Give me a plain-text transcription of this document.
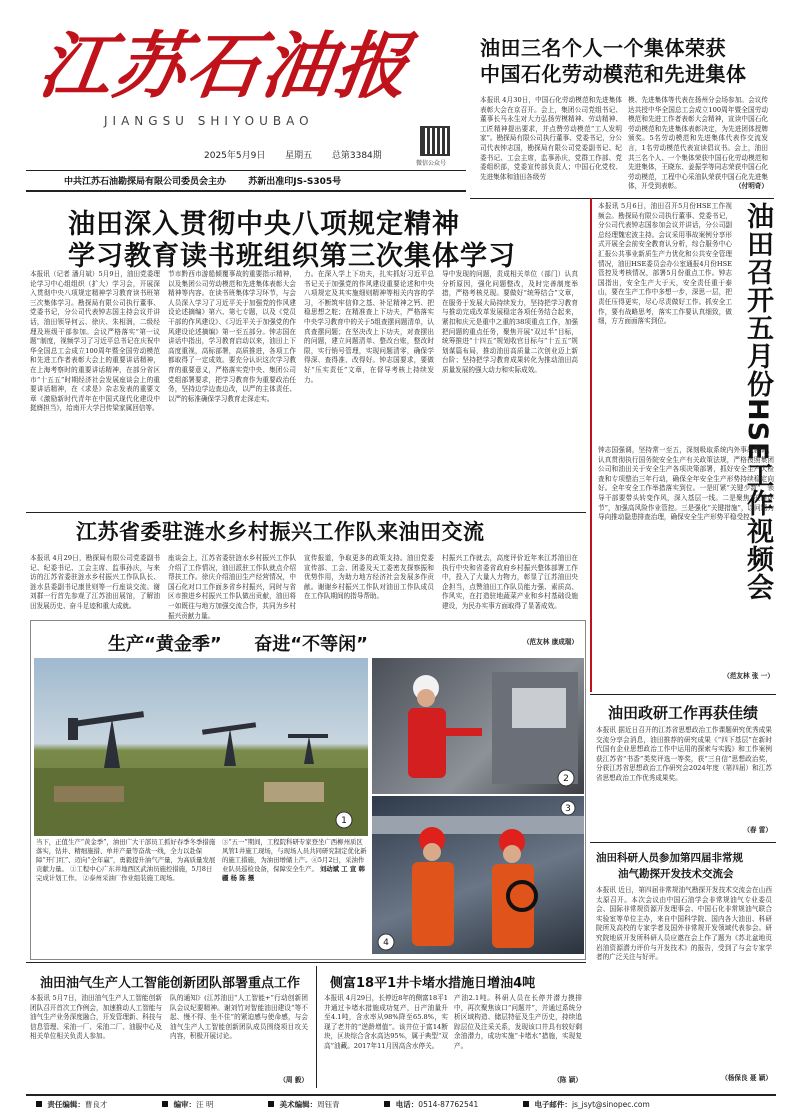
江苏石油报
JIANGSU SHIYOUBAO
2025年5月9日 星期五 总第3384期
微信公众号
中共江苏石油勘探局有限公司委员会主办 苏新出准印JS-S305号
油田三名个人一个集体荣获
中国石化劳动模范和先进集体
本报讯 4月30日，中国石化劳动模范和先进集体表彰大会在京召开。会上，集团公司党组书记、董事长马永生对大力弘扬劳模精神、劳动精神、工匠精神提出要求，并点赞劳动模范“工人发明家”。勘探局有限公司执行董事、党委书记，分公司代表钟志国，勘探局有限公司党委副书记、纪委书记、工会主席，监事孙庆，党群工作部、党委组织部，党委宣传部负责人；中国石化党校、先进集体和油田各级劳
模、先进集体等代表在扬州分会场参加。会议传达共授中华全国总工会成立100周年暨全国劳动模范和先进工作者表彰大会精神，宣读中国石化劳动模范和先进集体表彰决定，为先进团体授牌颁奖。5名劳动模范和先进集体代表作交流发言，1名劳动模范代表宣读倡议书。会上，油田共三名个人、一个集体荣获中国石化劳动模范和先进集体，王晓东、姜振学等同志荣获中国石化劳动模范，工程中心采油队荣获中国石化先进集体，开受到表彰。	（付明奇）
油田深入贯彻中央八项规定精神
学习教育读书班组织第三次集体学习
本报讯（记者 潘月斌）5月9日，油田党委理论学习中心组组织（扩大）学习会，开展深入贯彻中央八项规定精神学习教育读书班第三次集体学习。勘探局有限公司执行董事、党委书记，分公司代表钟志国主持会议并讲话，油田领导何云、徐庆、朱相润，二级经理及班级干部参加。会议严格落实“第一议题”制度，视频学习了习近平总书记在庆祝中华全国总工会成立100周年暨全国劳动模范和先进工作者表彰大会上的重要讲话精神，在上海考察时的重要讲话精神，在部分省区市“十五五”时期经济社会发展座谈会上的重要讲话精神，在《求是》杂志发表的重要文章《激励新时代青年在中国式现代化建设中挺膺担当》，给南开大学吕传梁家属回信等。
节市黔西市游船倾覆事故的重要指示精神，以及集团公司劳动模范和先进集体表彰大会精神等内容。在读书班集体学习环节，与会人员深入学习了习近平关于加强党的作风建设论述摘编》第六、第七专题，以及《党员干部的作风建设》、《习近平关于加强党的作风建设论述摘编》第一至五部分。钟志国在讲话中指出，学习教育启动以来，油田上下高度重视，高标部署，高质推进，各项工作都取得了一定成效。要充分认识这次学习教育的重要意义，严格落实党中央、集团公司党组部署要求，把学习教育作为重要政治任务，坚持边学边查边改，以严的主体责任、以严的标准确保学习教育走深走实。
力。在深入学上下功夫，扎实抓好习近平总书记关于加强党的作风建设重要论述和中央八项规定及其实施细则精神等相关内容的学习，不断筑牢信仰之基、补足精神之钙、把稳思想之舵；在精准查上下功夫，严格落实中央学习教育中的关于5组查摆问题清单，认真查摆问题；在坚决改上下功夫，对查摆出的问题，建立问题清单、整改台账，整改时限，实行销号管理，实现问题清零，确保学得深、查得准、改得好。钟志国要求，要做好“压实责任”文章，在督导考核上持续发力。
导中发现的问题，责成相关单位（部门）认真分析原因，强化问题整改，及时完善制度举措，严格考核兑现。要做好“统筹结合”文章，在服务于发展大局持续发力，坚持把学习教育与推动完成改革发展稳定各项任务结合起来，紧扣和庆元是重中之重的38项重点工作，加强把问题的重点任务，聚焦开展“双过半”目标，统筹推进“十四五”规划收官目标与“十五五”规划谋篇布局，推动油田高质量二次创业迈上新台阶；坚持把学习教育成果转化为推动油田高质量发展的强大动力和实际成效。	油田召开五月份HSE工作视频会
本报讯 5月6日，油田召开5月份HSE工作视频会。勘探局有限公司执行董事、党委书记，分公司代表钟志国参加会议并讲话，分公司副总经理魏宏波主持。会议采用事故案例分享形式开展全会前安全教育认分析，综合服务中心汇报公共事业新质生产力优化和公共安全管理情况，油田HSE委员会办公室通报4月份HSE管控及考核情况，部署5月份重点工作。钟志国指出，安全生产大于天，安全责任重于泰山，要在生产工作中多想一步，深思一层，把责任压得更实，尽心尽责做好工作。抓安全工作，要有战略思考，落实工作要认真细致，做细，方方面面落实到位。
钟志国强调，坚持常一至五，深刻吸取系统内外事故教训，认真贯彻执行国务院安全生产有关政策法规，严格按照集团公司和油田关于安全生产各项决策部署，抓好安全生产大检查和专项整治三年行动，确保全年安全生产形势持续稳定向好。全年安全工作举措落实到位。一是盯紧“关键少数”，领导干部要带头转变作风，深入基层一线。二是聚焦“关键环节”，加强高风险作业管控。三是强化“关键措施”，以问题为导向推动隐患排查治理，确保安全生产形势平稳受控。
（范友林 张 一）
江苏省委驻涟水乡村振兴工作队来油田交流
本报讯 4月29日，勘探局有限公司党委副书记、纪委书记、工会主席、监事孙庆，与来访的江苏省委驻涟水乡村振兴工作队队长、涟水县委副书记康世则等一行座谈交流。谢刘群一行首先参观了江苏油田展馆，了解油田发展历史、奋斗足迹和重大成就。
座谈会上，江苏省委驻涟水乡村振兴工作队介绍了工作情况，油田派驻工作队就点介绍帮扶工作。徐庆介绍油田生产经营情况，中国石化对口工作面多省乡村振兴，同时与省区市推进乡村振兴工作队做出贡献，油田将一如既往与地方加强交流合作，共同为乡村振兴贡献力量。
宣传报道，争取更多的政策支持。油田党委宣传部、工会、团委及天工委密友探察振和优势作用，为助力地方经济社会发展多作贡献。谢谢乡村振兴工作队对油田工作队成员在工作队期间的指导帮助。
村振兴工作就去，高度评价近年来江苏油田在执行中央和省委省政府乡村振兴整体部署工作中，投入了大量人力物力，彰显了江苏油田央企担当，点赞油田工作队员能力强、素质高、作风实，在打造驻地蔬菜产业和乡村基础设施建设，为民办实事方面取得了显著成效。
（范友林 康成瑞）
生产“黄金季” 奋进“不等闲”
1
2
4
当下，正值生产“黄金季”，油田广大干部员工抓好春季冬季措施落实，钻井、精细施措、单井产量等奋战一线，全力以赴保障“开门红”、迈向“全年赢”，勇毅提升油气产量，为高质量发展贡献力量。 ①工程中心广东井地西区武油员施控措施，5月8日完成计划工作。 ②泰州采油厂作业组装施工现场。
③“五一”期间，工程院科研专家登坐广西柳州质区风管1井施工现场，与现场人员共同研究制定优化新的施工措施，为油田增储上产。④5月2日，采油作业队员巡检设备，保障安全生产。 刘动斌 工 宣 韩 疆 杨 陈 摄
3
油田油气生产人工智能创新团队部署重点工作
本报讯 5月7日，油田油气生产人工智能创新团队召开首次工作例会，加速推动人工智能与油气生产业务深度融合，开发管理新、科技与信息管理、采油一厂、采油二厂、油服中心及相关单位相关负责人参加。
队的通知》(江苏油田“人工智能+”行动创新团队会议纪要精神。谢刘竹对智能油田建设“等不起、慢不得、坐不住”的紧迫感与使命感，与会油气生产人工智能创新团队成员围绕项目攻关内容，积极开展讨论。
（周 毅）
侧富18平1井卡堵水措施日增油4吨
本报讯 4月29日，长停近8年的侧富18平1井通过卡堵水措施成功复产，日产油量升至4.1吨，含水率从98%降至65.8%，实现了老井的“逆龄增值”。该井位于富14断块，区块综合含水高达95%，属于典型“双高”油藏。2017年11月因高含水停关。
产油2.1吨。科研人员在长停井潜力摸排中，再次聚焦该口“问题井”，并通过系统分析区域构造、储层特征及生产历史，持续追踪层位及注采关系，发现该口井具有较好剩余油潜力，成功实施“卡堵水”措施，实现复产。
（陈 颖）
油田政研工作再获佳绩
本报讯 据近日召开的江苏省思想政治工作课题研究优秀成果交流分享会消息，油田推荐的研究成果《“四下基层”在新时代国有企业思想政治工作中运用的探索与实践》和工作案例获江苏省“书香”类奖评选一等奖，获“三自信”思想政治奖，分获江苏省思想政治工作研究会2024年度（第四届）和江苏省思想政治工作优秀成果奖。
（春 雷）
油田科研人员参加第四届非常规
油气勘探开发技术交流会
本报讯 近日，第四届非常规油气勘探开发技术交流会在山西太原召开。本次会议由中国石油学会非常规油气专业委员会、国际非常规资源开发理事会、中国石化非常规油气联合实验室等单位主办，来自中国科学院、国内各大油田、科研院所及高校的专家学者及国外非常规开发领域代表参会。研究院地质开发所科研人员应邀在会上作了题为《苏北盆地页岩油资源潜力评价与开发技术》的报告，受到了与会专家学者的广泛关注与好评。
（杨保良 聂 颖）
责任编辑：曹良才	编审：汪 明	美术编辑：周钰青	电话：0514-87762541	电子邮件：js_jsyt@sinopec.com
